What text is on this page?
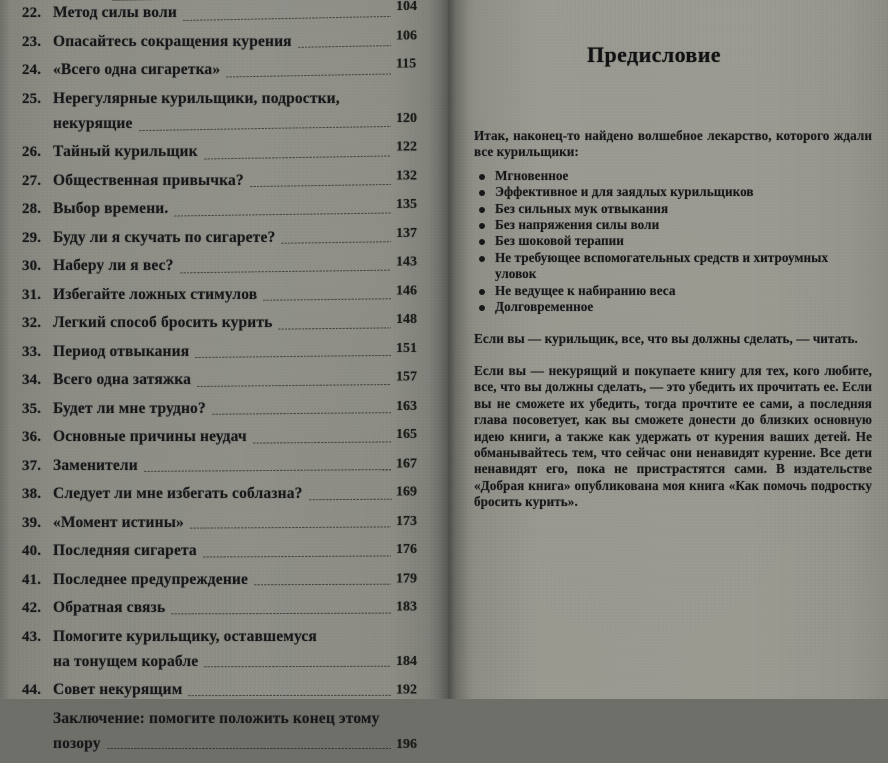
22. Метод силы воли	104
23. Опасайтесь сокращения курения	106
24. «Всего одна сигаретка»	115
25. Нерегулярные курильщики, подростки,
некурящие	120
26. Тайный курильщик	122
27. Общественная привычка?	132
28. Выбор времени.	135
29. Буду ли я скучать по сигарете?	137
30. Наберу ли я вес?	143
31. Избегайте ложных стимулов	146
32. Легкий способ бросить курить	148
33. Период отвыкания	151
34. Всего одна затяжка	157
35. Будет ли мне трудно?	163
36. Основные причины неудач	165
37. Заменители	167
38. Следует ли мне избегать соблазна?	169
39. «Момент истины»	173
40. Последняя сигарета	176
41. Последнее предупреждение	179
42. Обратная связь	183
43. Помогите курильщику, оставшемуся
на тонущем корабле	184
44. Совет некурящим	192
Заключение: помогите положить конец этому
позору	196
Предисловие

Итак, наконец-то найдено волшебное лекарство, которого ждали все курильщики:

Мгновенное
Эффективное и для заядлых курильщиков
Без сильных мук отвыкания
Без напряжения силы воли
Без шоковой терапии
Не требующее вспомогательных средств и хитроумных уловок
Не ведущее к набиранию веса
Долговременное

Если вы — курильщик, все, что вы должны сделать, — читать.

Если вы — некурящий и покупаете книгу для тех, кого любите, все, что вы должны сделать, — это убедить их прочитать ее. Если вы не сможете их убедить, тогда прочтите ее сами, а последняя глава посоветует, как вы сможете донести до близких основную идею книги, а также как удержать от курения ваших детей. Не обманывайтесь тем, что сейчас они ненавидят курение. Все дети ненавидят его, пока не пристрастятся сами. В издательстве «Добрая книга» опубликована моя книга «Как помочь подростку бросить курить».
